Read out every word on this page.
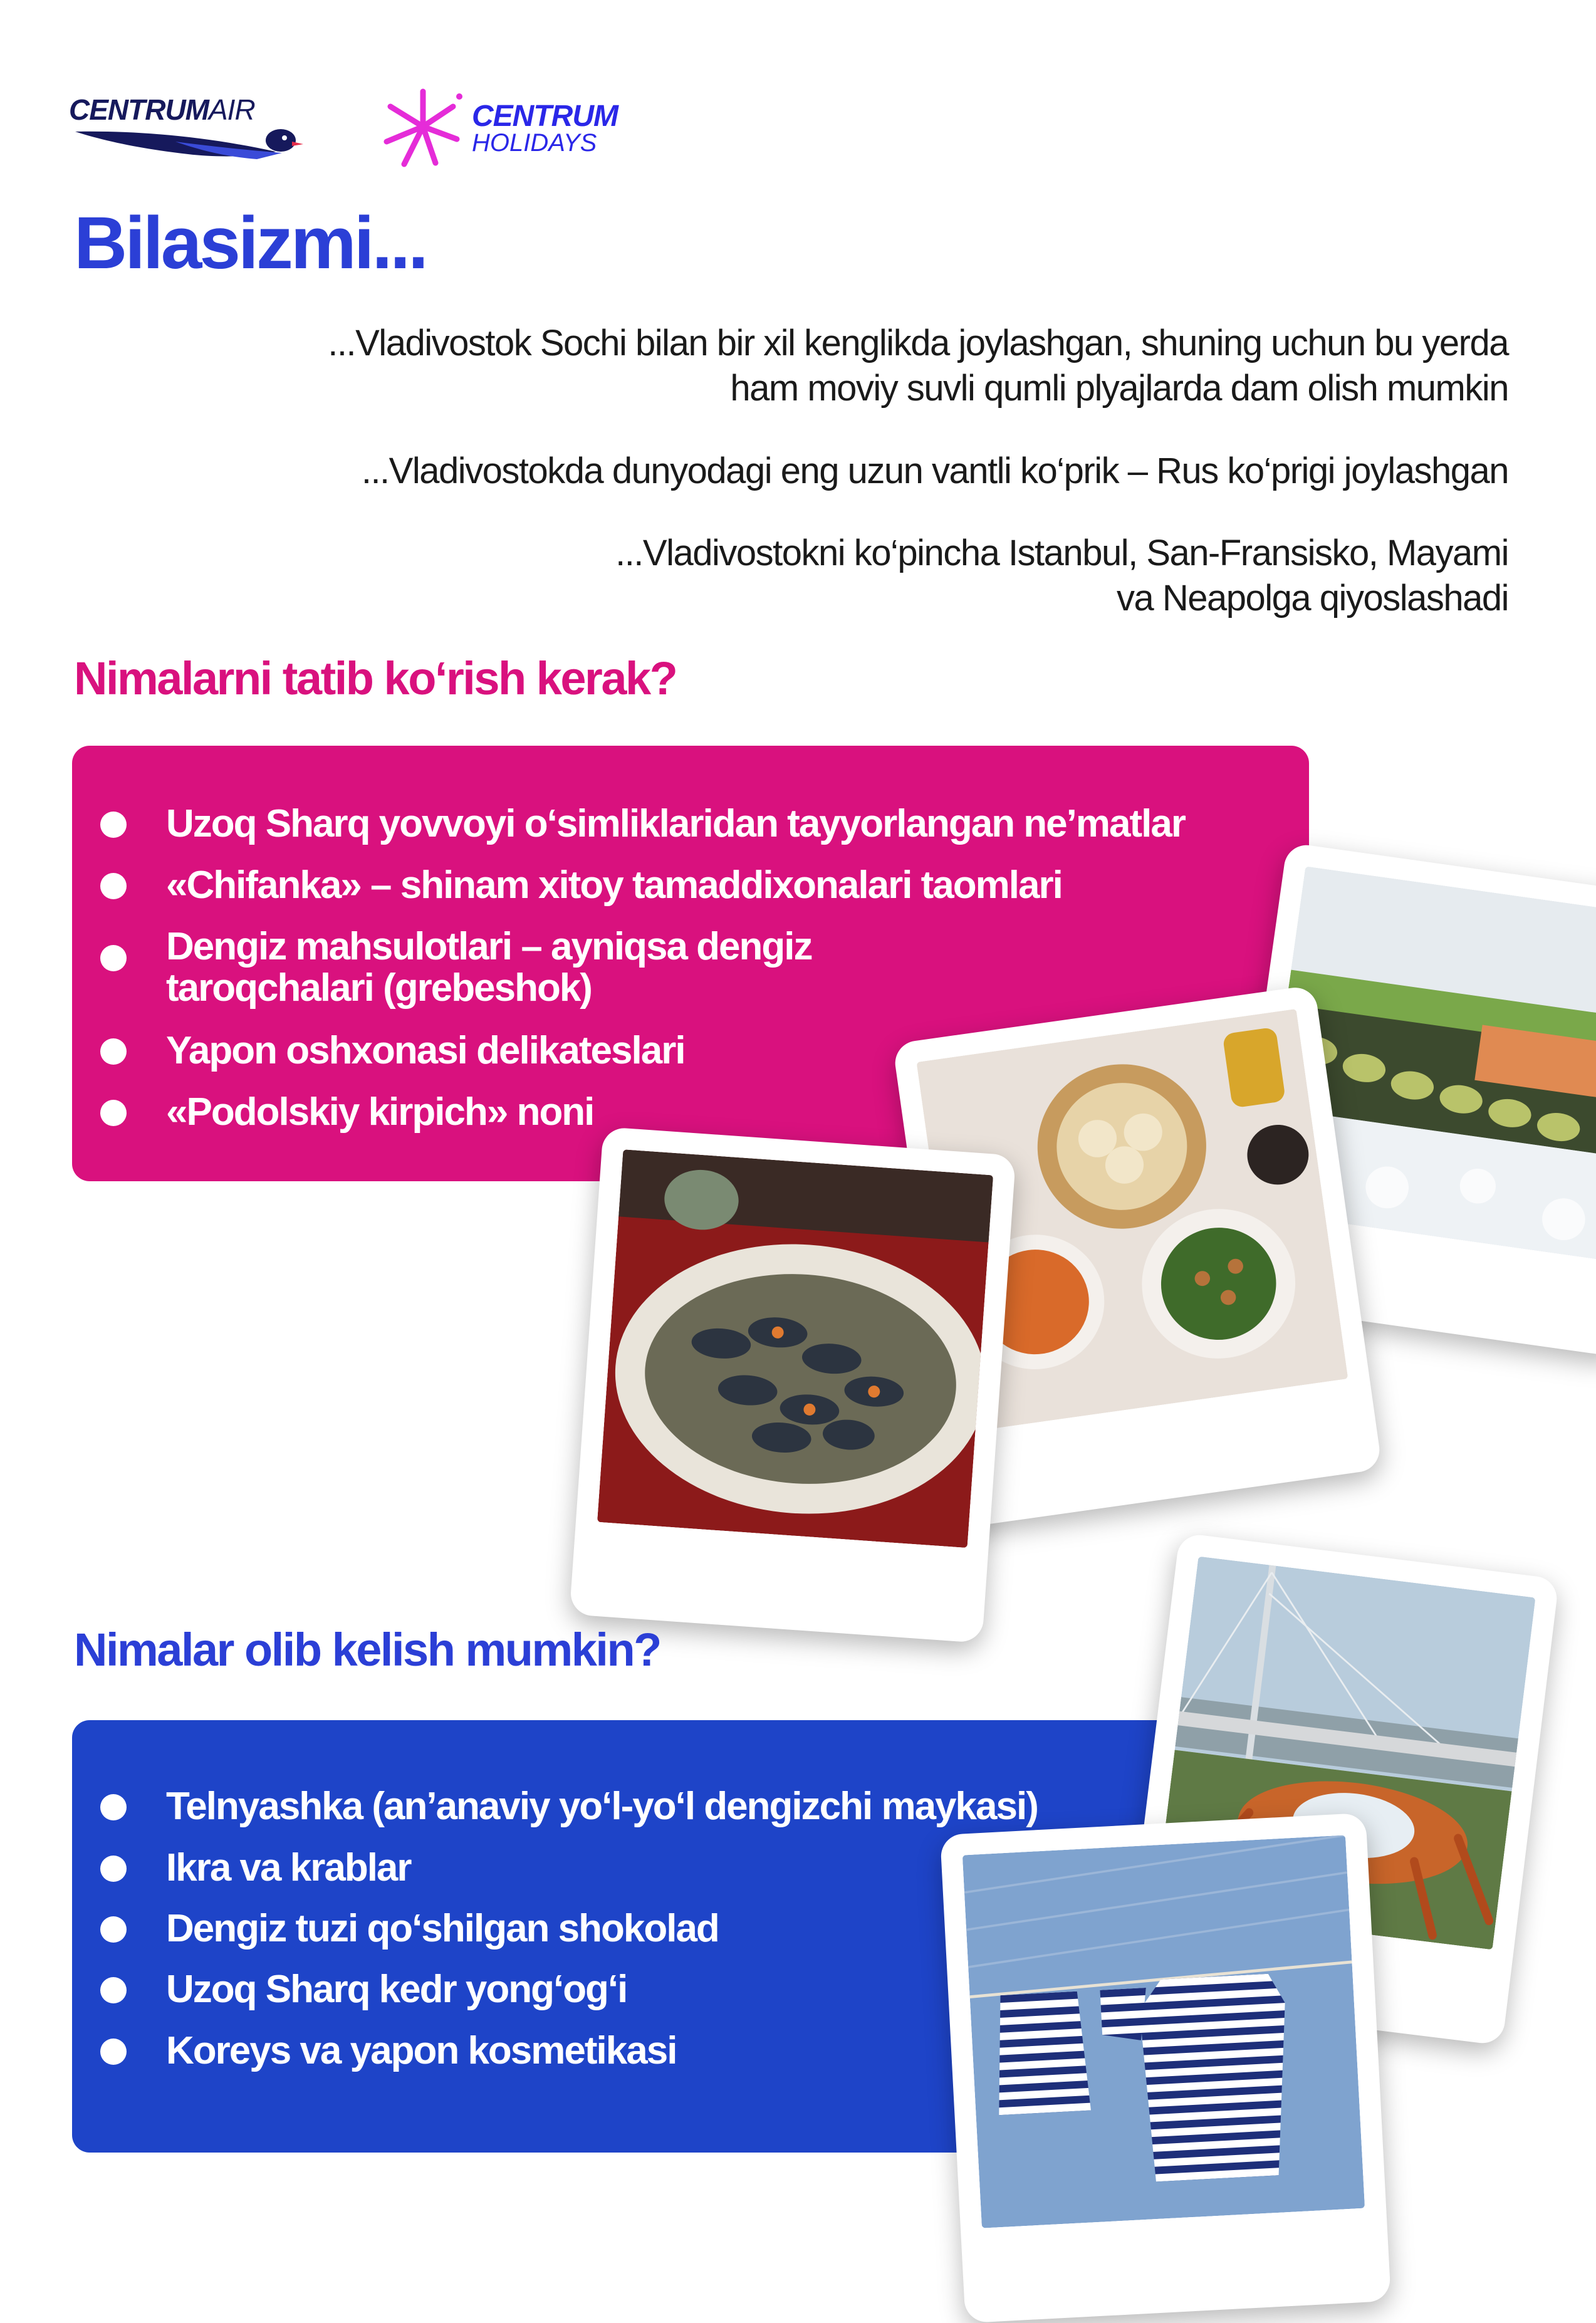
CENTRUMAIR	CENTRUM
HOLIDAYS
Bilasizmi...

...Vladivostok Sochi bilan bir xil kenglikda joylashgan, shuning uchun bu yerda
ham moviy suvli qumli plyajlarda dam olish mumkin

...Vladivostokda dunyodagi eng uzun vantli ko‘prik – Rus ko‘prigi joylashgan

...Vladivostokni ko‘pincha Istanbul, San-Fransisko, Mayami
va Neapolga qiyoslashadi

Nimalarni tatib ko‘rish kerak?
Uzoq Sharq yovvoyi o‘simliklaridan tayyorlangan ne’matlar
«Chifanka» – shinam xitoy tamaddixonalari taomlari
Dengiz mahsulotlari – ayniqsa dengiz taroqchalari (grebeshok)
Yapon oshxonasi delikateslari
«Podolskiy kirpich» noni
Nimalar olib kelish mumkin?
Telnyashka (an’anaviy yo‘l-yo‘l dengizchi maykasi)
Ikra va krablar
Dengiz tuzi qo‘shilgan shokolad
Uzoq Sharq kedr yong‘og‘i
Koreys va yapon kosmetikasi
